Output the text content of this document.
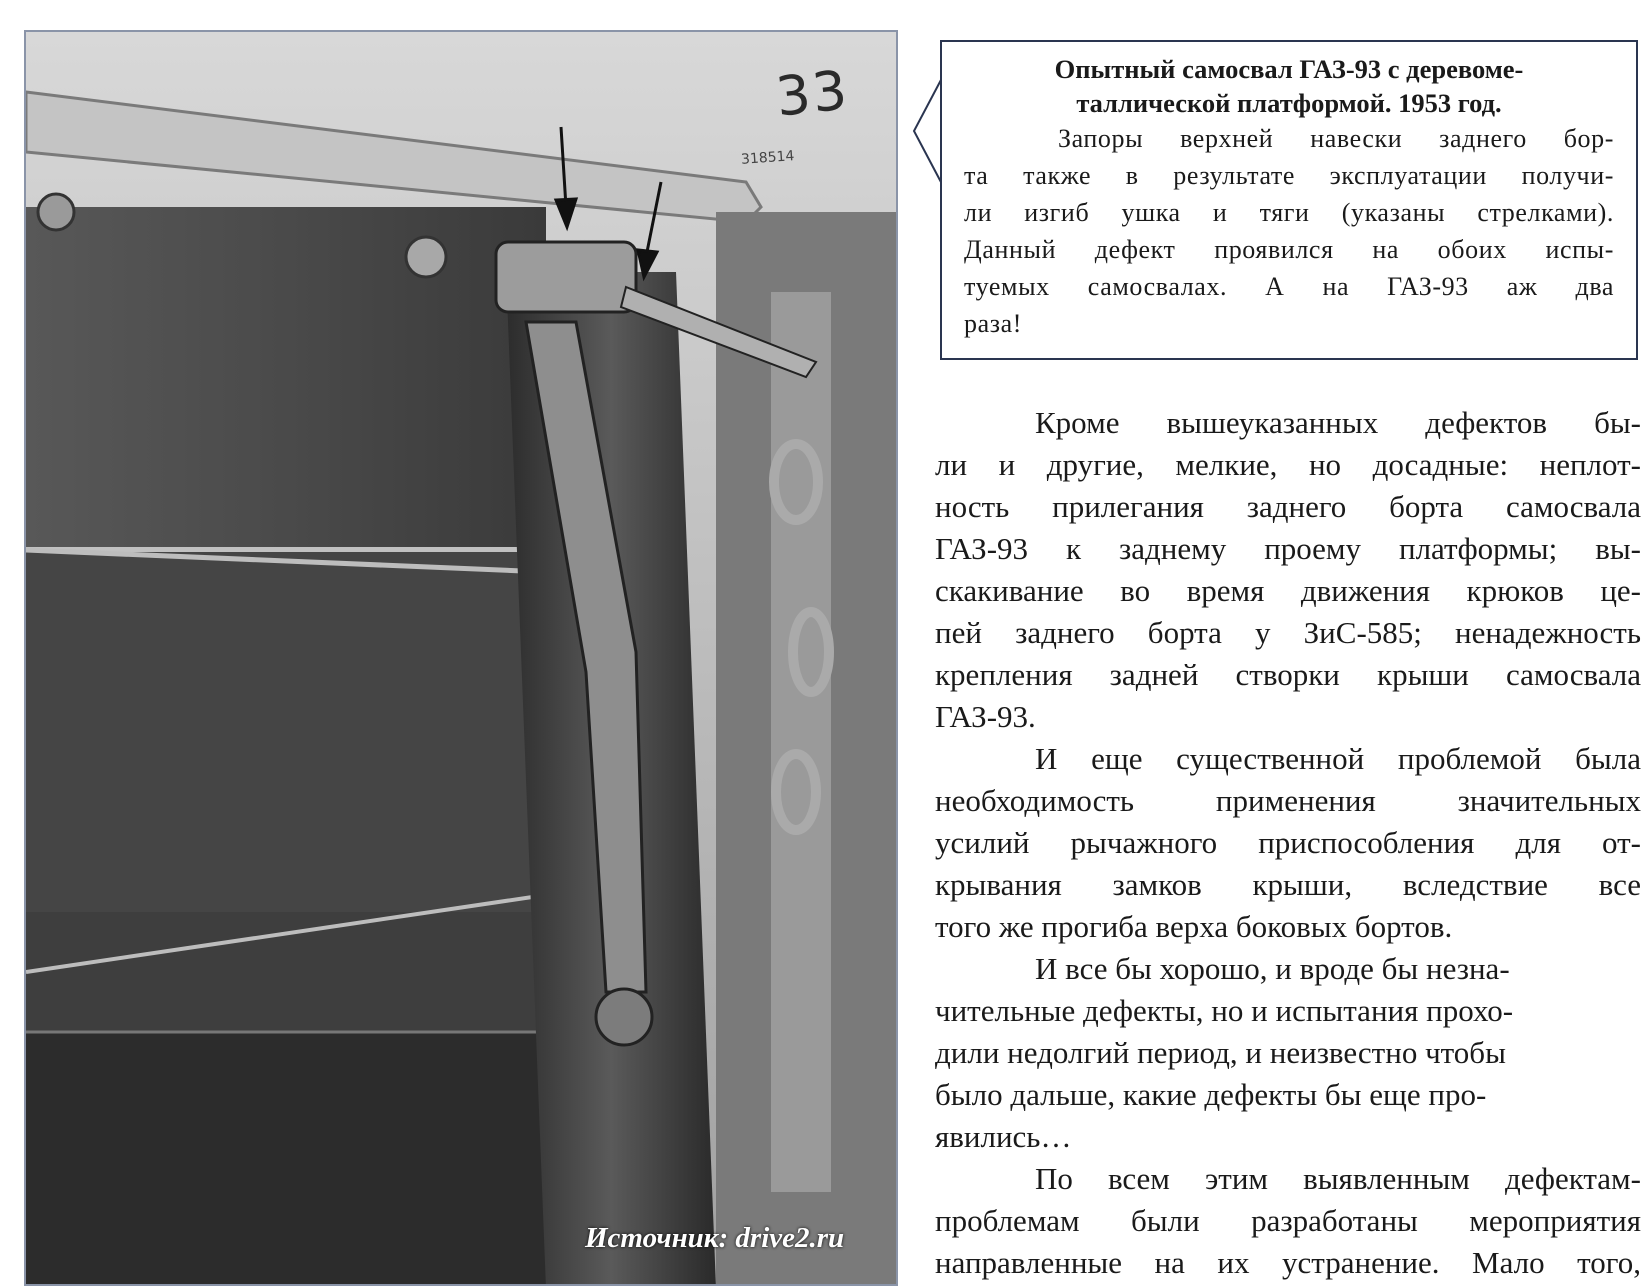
33
318514
Источник: drive2.ru

Опытный самосвал ГАЗ-93 с деревоме-
таллической платформой. 1953 год.

Запоры верхней навески заднего бор-
та также в результате эксплуатации получи-
ли изгиб ушка и тяги (указаны стрелками).
Данный дефект проявился на обоих испы-
туемых самосвалах. А на ГАЗ-93 аж два
раза!

Кроме вышеуказанных дефектов бы-
ли и другие, мелкие, но досадные: неплот-
ность прилегания заднего борта самосвала
ГАЗ-93 к заднему проему платформы; вы-
скакивание во время движения крюков це-
пей заднего борта у ЗиС-585; ненадежность
крепления задней створки крыши самосвала
ГАЗ-93.
И еще существенной проблемой была
необходимость применения значительных
усилий рычажного приспособления для от-
крывания замков крыши, вследствие все
того же прогиба верха боковых бортов.
И все бы хорошо, и вроде бы незна-
чительные дефекты, но и испытания прохо-
дили недолгий период, и неизвестно чтобы
было дальше, какие дефекты бы еще про-
явились…
По всем этим выявленным дефектам-
проблемам были разработаны мероприятия
направленные на их устранение. Мало того,
